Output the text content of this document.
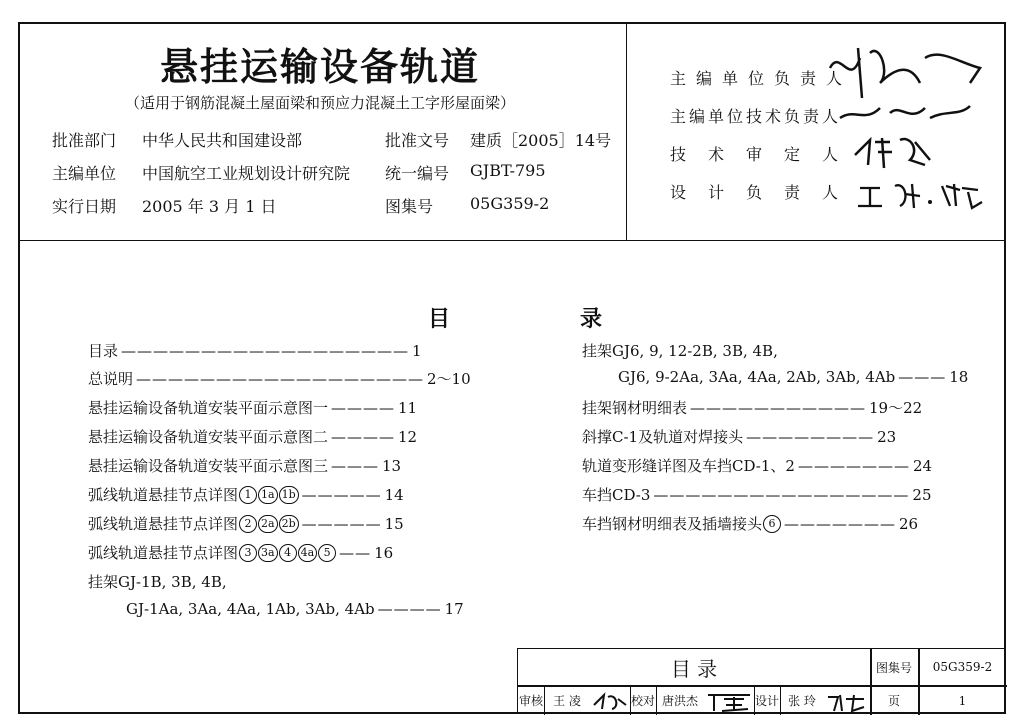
悬挂运输设备轨道
（适用于钢筋混凝土屋面梁和预应力混凝土工字形屋面梁）
批准部门 中华人民共和国建设部	批准文号 建质［2005］14号
主编单位 中国航空工业规划设计研究院 统一编号 GJBT-795
实行日期 2005 年 3 月 1 日	图集号 05G359-2
主编单位负责人
主编单位技术负责人
技术审定人
设计负责人
目	录
目录 —————————————————— 1
总说明 —————————————————— 2～10
悬挂运输设备轨道安装平面示意图一 ———— 11
悬挂运输设备轨道安装平面示意图二 ———— 12
悬挂运输设备轨道安装平面示意图三 ——— 13
弧线轨道悬挂节点详图 1 1a 1b ————— 14
弧线轨道悬挂节点详图 2 2a 2b ————— 15
弧线轨道悬挂节点详图 3 3a 4 4a 5 —— 16
挂架GJ-1B, 3B, 4B,
GJ-1Aa, 3Aa, 4Aa, 1Ab, 3Ab, 4Ab ———— 17
挂架GJ6, 9, 12-2B, 3B, 4B,
GJ6, 9-2Aa, 3Aa, 4Aa, 2Ab, 3Ab, 4Ab ——— 18
挂架钢材明细表 ——————————— 19～22
斜撑C-1及轨道对焊接头 ———————— 23
轨道变形缝详图及车挡CD-1、2 ——————— 24
车挡CD-3 ———————————————— 25
车挡钢材明细表及插墙接头 6 ——————— 26
目 录	图集号	05G359-2
审核 王 凌	校对 唐洪杰	设计 张 玲	页	1
